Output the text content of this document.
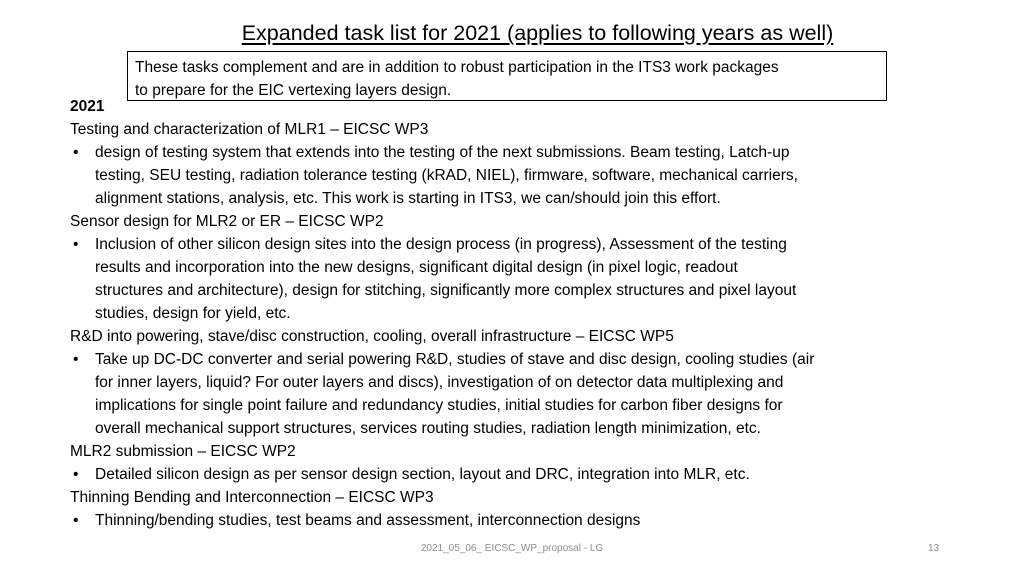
Expanded task list for 2021 (applies to following years as well)
These tasks complement and are in addition to robust participation in the ITS3 work packages
to prepare for the EIC vertexing layers design.
2021
Testing and characterization of MLR1 – EICSC WP3
• design of testing system that extends into the testing of the next submissions. Beam testing, Latch-up
testing, SEU testing, radiation tolerance testing (kRAD, NIEL), firmware, software, mechanical carriers,
alignment stations, analysis, etc. This work is starting in ITS3, we can/should join this effort.
Sensor design for MLR2 or ER – EICSC WP2
• Inclusion of other silicon design sites into the design process (in progress), Assessment of the testing
results and incorporation into the new designs, significant digital design (in pixel logic, readout
structures and architecture), design for stitching, significantly more complex structures and pixel layout
studies, design for yield, etc.
R&D into powering, stave/disc construction, cooling, overall infrastructure – EICSC WP5
• Take up DC-DC converter and serial powering R&D, studies of stave and disc design, cooling studies (air
for inner layers, liquid? For outer layers and discs), investigation of on detector data multiplexing and
implications for single point failure and redundancy studies, initial studies for carbon fiber designs for
overall mechanical support structures, services routing studies, radiation length minimization, etc.
MLR2 submission – EICSC WP2
• Detailed silicon design as per sensor design section, layout and DRC, integration into MLR, etc.
Thinning Bending and Interconnection – EICSC WP3
• Thinning/bending studies, test beams and assessment, interconnection designs
2021_05_06_ EICSC_WP_proposal - LG	13
